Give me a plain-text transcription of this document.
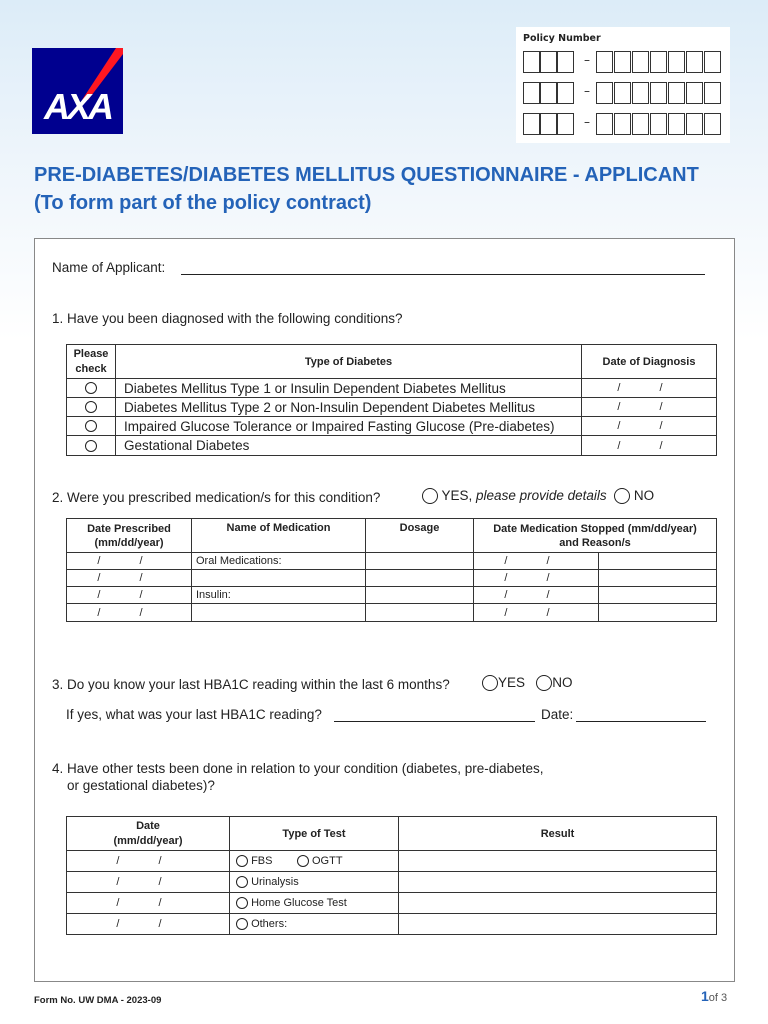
AXA
Policy Number
–
–
–
PRE-DIABETES/DIABETES MELLITUS QUESTIONNAIRE - APPLICANT
(To form part of the policy contract)
Name of Applicant:
1. Have you been diagnosed with the following conditions?
Please
check	Type of Diabetes	Date of Diagnosis
	Diabetes Mellitus Type 1 or Insulin Dependent Diabetes Mellitus	/ /
	Diabetes Mellitus Type 2 or Non-Insulin Dependent Diabetes Mellitus	/ /
	Impaired Glucose Tolerance or Impaired Fasting Glucose (Pre-diabetes)	/ /
	Gestational Diabetes	/ /
2. Were you prescribed medication/s for this condition?	YES, please provide details NO
Date Prescribed
(mm/dd/year)	Name of Medication	Dosage	Date Medication Stopped (mm/dd/year)
and Reason/s	
/ /	Oral Medications:		/ /	
/ /			/ /	
/ /	Insulin:		/ /	
/ /			/ /	
3. Do you know your last HBA1C reading within the last 6 months?	YES NO
If yes, what was your last HBA1C reading?	Date:
4. Have other tests been done in relation to your condition (diabetes, pre-diabetes,
or gestational diabetes)?
Date
(mm/dd/year)	Type of Test	Result
/ /	FBS OGTT	
/ /	Urinalysis	
/ /	Home Glucose Test	
/ /	Others:	
Form No. UW DMA - 2023-09	1of 3
